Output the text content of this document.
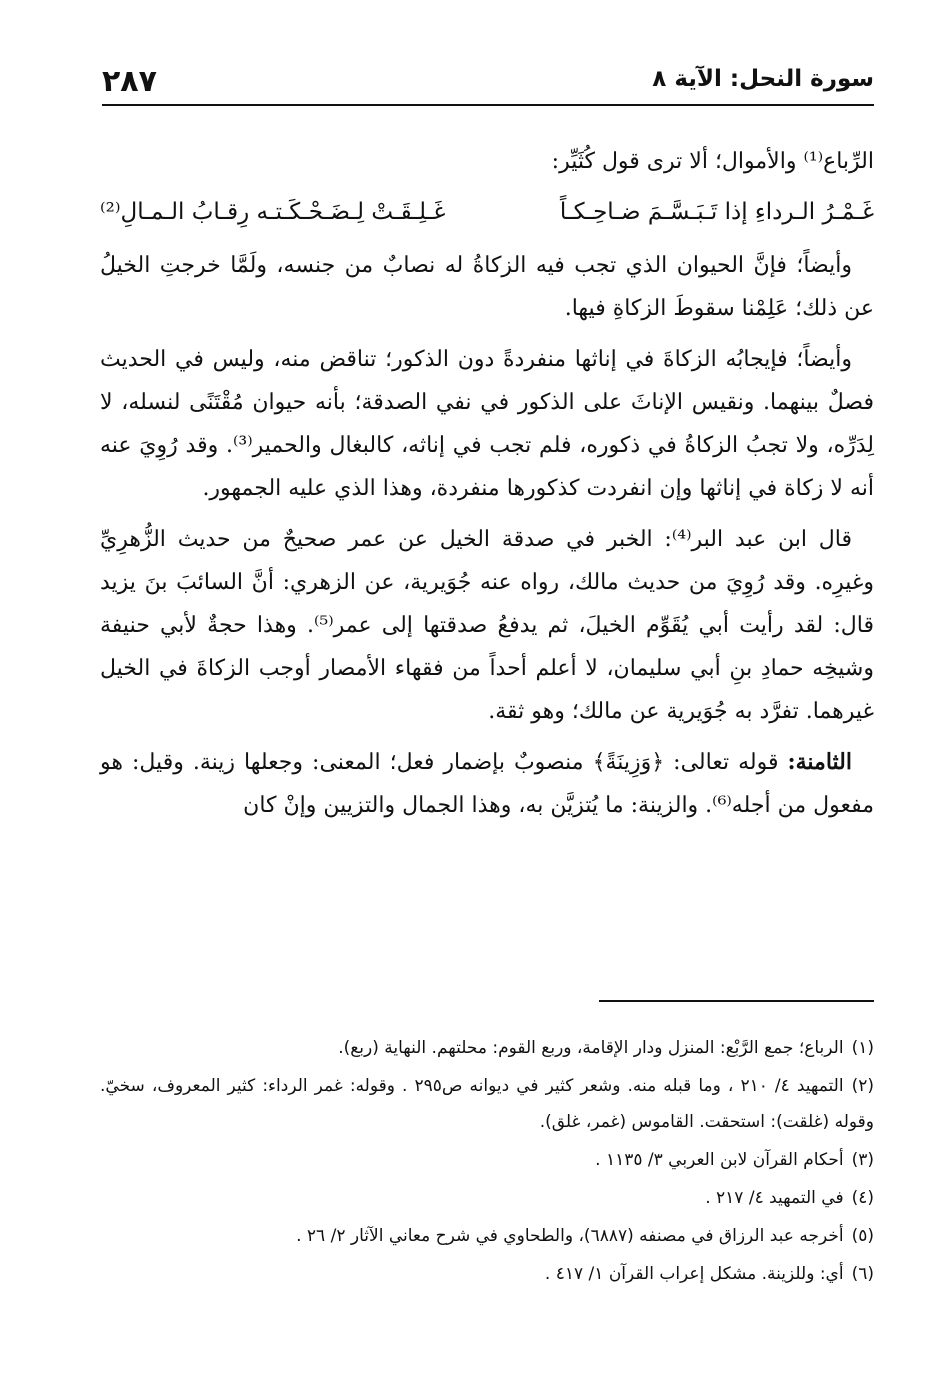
سورة النحل: الآية ٨
٢٨٧

الرِّباع⁽¹⁾ والأموال؛ ألا ترى قول كُثَيِّر:

غَـمْـرُ الـرداءِ إذا تَـبَـسَّـمَ ضـاحِـكـاً
غَـلِـقَـتْ لِـضَـحْـكَـتـه رِقـابُ الـمـالِ⁽²⁾

وأيضاً؛ فإنَّ الحيوان الذي تجب فيه الزكاةُ له نصابٌ من جنسه، ولَمَّا خرجتِ الخيلُ عن ذلك؛ عَلِمْنا سقوطَ الزكاةِ فيها.

وأيضاً؛ فإيجابُه الزكاةَ في إناثها منفردةً دون الذكور؛ تناقض منه، وليس في الحديث فصلٌ بينهما. ونقيس الإناثَ على الذكور في نفي الصدقة؛ بأنه حيوان مُقْتَنًى لنسله، لا لِدَرِّه، ولا تجبُ الزكاةُ في ذكوره، فلم تجب في إناثه، كالبغال والحمير⁽³⁾. وقد رُوِيَ عنه أنه لا زكاة في إناثها وإن انفردت كذكورها منفردة، وهذا الذي عليه الجمهور.

قال ابن عبد البر⁽⁴⁾: الخبر في صدقة الخيل عن عمر صحيحٌ من حديث الزُّهرِيِّ وغيرِه. وقد رُوِيَ من حديث مالك، رواه عنه جُوَيرية، عن الزهري: أنَّ السائبَ بنَ يزيد قال: لقد رأيت أبي يُقَوِّم الخيلَ، ثم يدفعُ صدقتها إلى عمر⁽⁵⁾. وهذا حجةٌ لأبي حنيفة وشيخِه حمادِ بنِ أبي سليمان، لا أعلم أحداً من فقهاء الأمصار أوجب الزكاةَ في الخيل غيرهما. تفرَّد به جُوَيرية عن مالك؛ وهو ثقة.

الثامنة: قوله تعالى: ﴿وَزِينَةً﴾ منصوبٌ بإضمار فعل؛ المعنى: وجعلها زينة. وقيل: هو مفعول من أجله⁽⁶⁾. والزينة: ما يُتزيَّن به، وهذا الجمال والتزيين وإنْ كان

(١)الرباع؛ جمع الرَّبْع: المنزل ودار الإقامة، وربع القوم: محلتهم. النهاية (ربع).
(٢)التمهيد ٤/ ٢١٠ ، وما قبله منه. وشعر كثير في ديوانه ص٢٩٥ . وقوله: غمر الرداء: كثير المعروف، سخيّ. وقوله (غلقت): استحقت. القاموس (غمر، غلق).
(٣)أحكام القرآن لابن العربي ٣/ ١١٣٥ .
(٤)في التمهيد ٤/ ٢١٧ .
(٥)أخرجه عبد الرزاق في مصنفه (٦٨٨٧)، والطحاوي في شرح معاني الآثار ٢/ ٢٦ .
(٦)أي: وللزينة. مشكل إعراب القرآن ١/ ٤١٧ .
